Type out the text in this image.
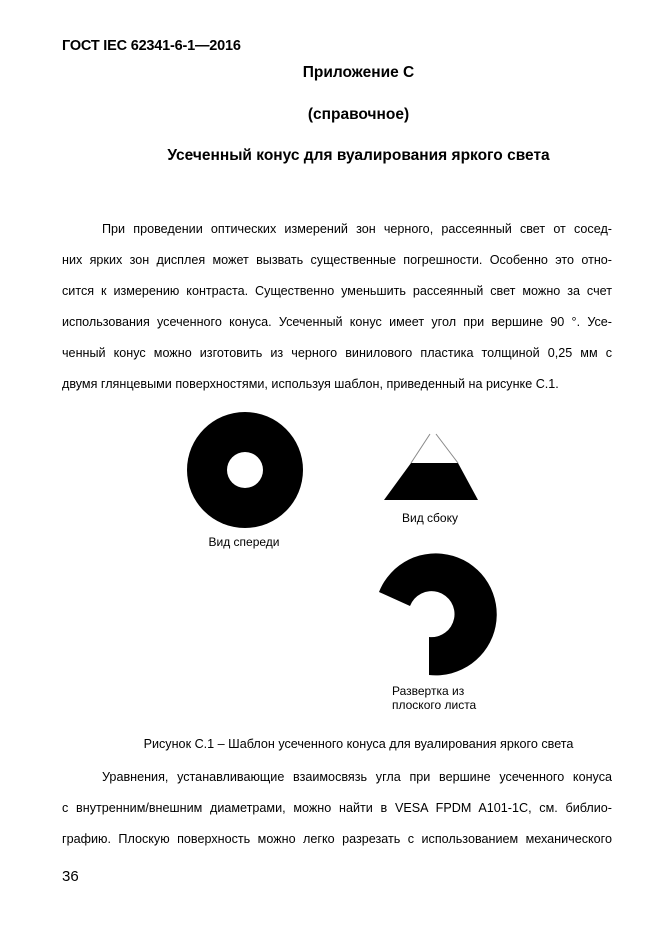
ГОСТ IEC 62341-6-1—2016
Приложение С
(справочное)
Усеченный конус для вуалирования яркого света
При проведении оптических измерений зон черного, рассеянный свет от сосед-
них ярких зон дисплея может вызвать существенные погрешности. Особенно это отно-
сится к измерению контраста. Существенно уменьшить рассеянный свет можно за счет
использования усеченного конуса. Усеченный конус имеет угол при вершине 90 °. Усе-
ченный конус можно изготовить из черного винилового пластика толщиной 0,25 мм с
двумя глянцевыми поверхностями, используя шаблон, приведенный на рисунке С.1.
Вид спереди
Вид сбоку
Развертка из
плоского листа
Рисунок С.1 – Шаблон усеченного конуса для вуалирования яркого света
Уравнения, устанавливающие взаимосвязь угла при вершине усеченного конуса
с внутренним/внешним диаметрами, можно найти в VESA FPDM A101-1C, см. библио-
графию. Плоскую поверхность можно легко разрезать с использованием механического
36
